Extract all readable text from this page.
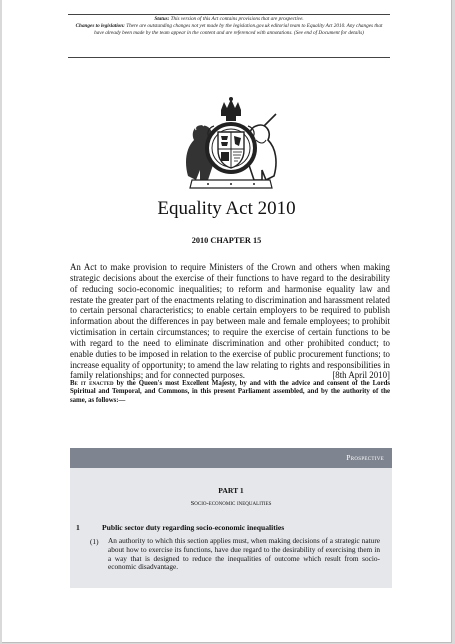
Status: This version of this Act contains provisions that are prospective.
Changes to legislation: There are outstanding changes not yet made by the legislation.gov.uk editorial team to Equality Act 2010. Any changes that have already been made by the team appear in the content and are referenced with annotations. (See end of Document for details)

Equality Act 2010
2010 CHAPTER 15
An Act to make provision to require Ministers of the Crown and others when making strategic decisions about the exercise of their functions to have regard to the desirability of reducing socio-economic inequalities; to reform and harmonise equality law and restate the greater part of the enactments relating to discrimination and harassment related to certain personal characteristics; to enable certain employers to be required to publish information about the differences in pay between male and female employees; to prohibit victimisation in certain circumstances; to require the exercise of certain functions to be with regard to the need to eliminate discrimination and other prohibited conduct; to enable duties to be imposed in relation to the exercise of public procurement functions; to increase equality of opportunity; to amend the law relating to rights and responsibilities in family relationships; and for connected purposes.	[8th April 2010]
Be it enacted by the Queen's most Excellent Majesty, by and with the advice and consent of the Lords Spiritual and Temporal, and Commons, in this present Parliament assembled, and by the authority of the same, as follows:—
Prospective
PART 1
Socio-economic inequalities
1	Public sector duty regarding socio-economic inequalities
(1) An authority to which this section applies must, when making decisions of a strategic nature about how to exercise its functions, have due regard to the desirability of exercising them in a way that is designed to reduce the inequalities of outcome which result from socio-economic disadvantage.
